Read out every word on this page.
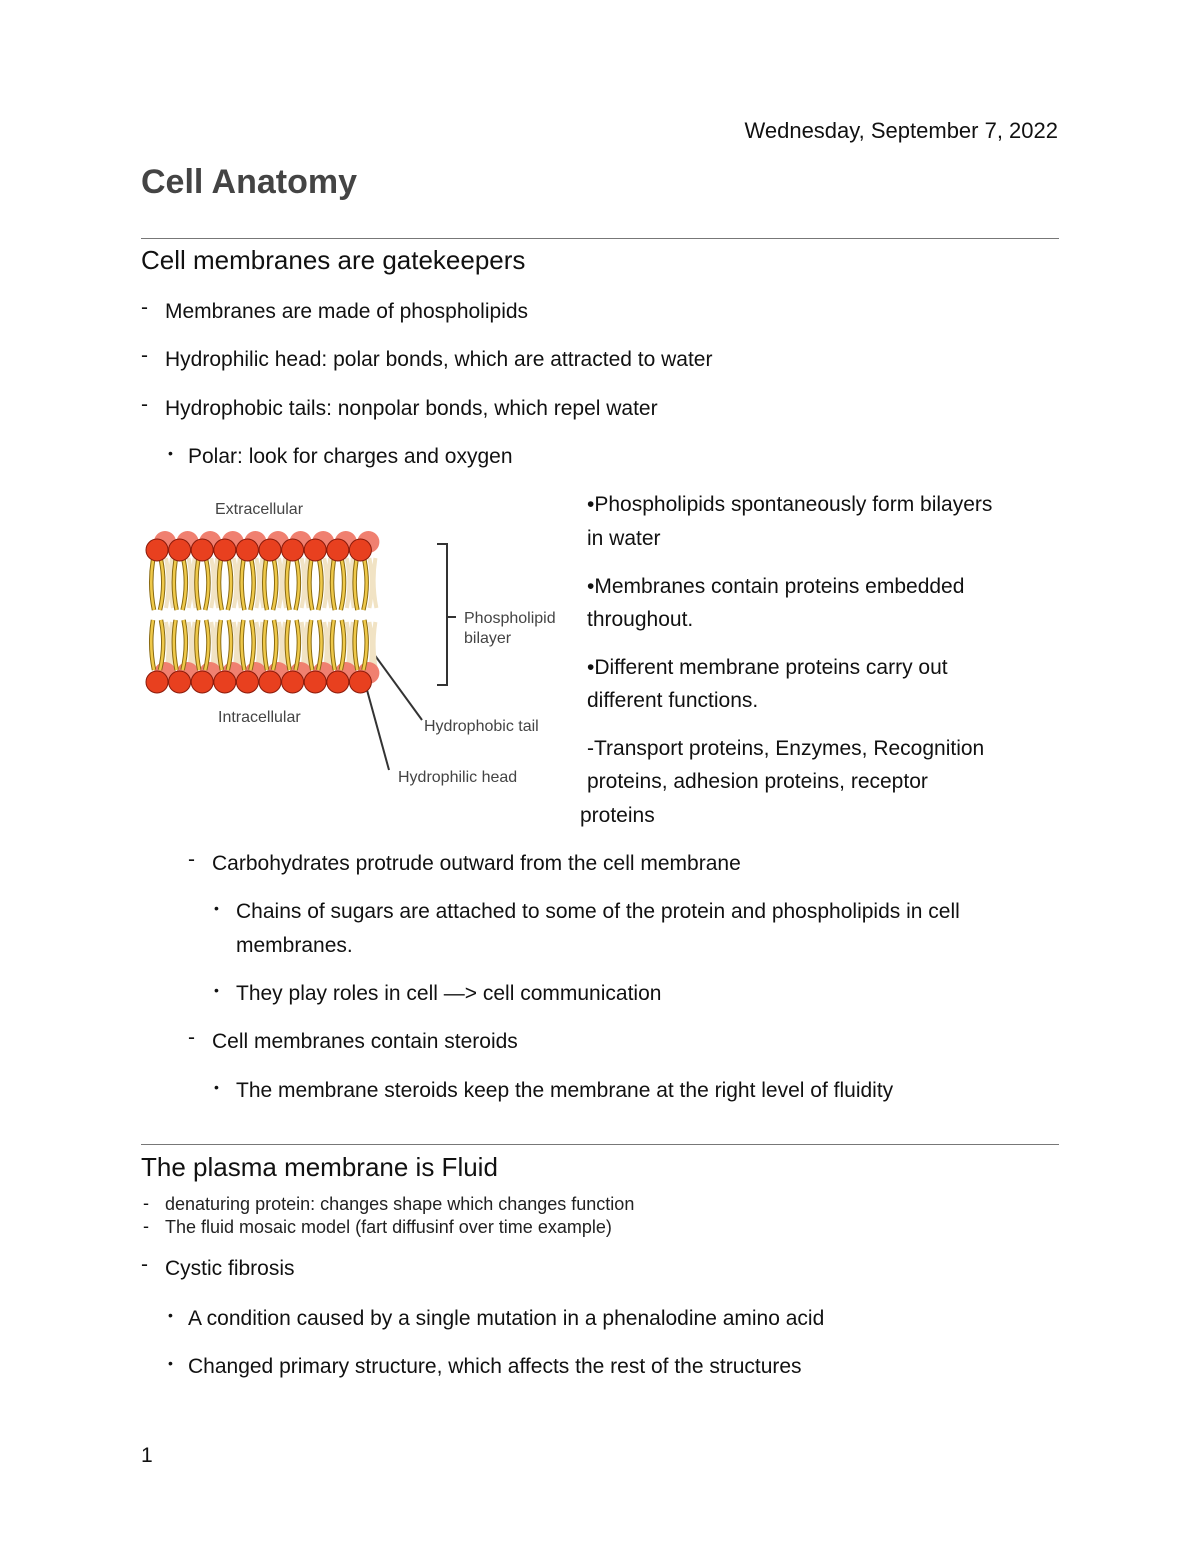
Wednesday, September 7, 2022
Cell Anatomy
Cell membranes are gatekeepers
- Membranes are made of phospholipids
- Hydrophilic head: polar bonds, which are attracted to water
- Hydrophobic tails: nonpolar bonds, which repel water
• Polar: look for charges and oxygen
Extracellular
Intracellular
Phospholipid
bilayer
Hydrophobic tail
Hydrophilic head
•Phospholipids spontaneously form bilayers
in water
•Membranes contain proteins embedded
throughout.
•Different membrane proteins carry out
different functions.
-Transport proteins, Enzymes, Recognition
proteins, adhesion proteins, receptor
proteins
- Carbohydrates protrude outward from the cell membrane
• Chains of sugars are attached to some of the protein and phospholipids in cell
membranes.
• They play roles in cell —> cell communication
- Cell membranes contain steroids
• The membrane steroids keep the membrane at the right level of fluidity
The plasma membrane is Fluid
- denaturing protein: changes shape which changes function
- The fluid mosaic model (fart diffusinf over time example)
- Cystic fibrosis
• A condition caused by a single mutation in a phenalodine amino acid
• Changed primary structure, which affects the rest of the structures
1
